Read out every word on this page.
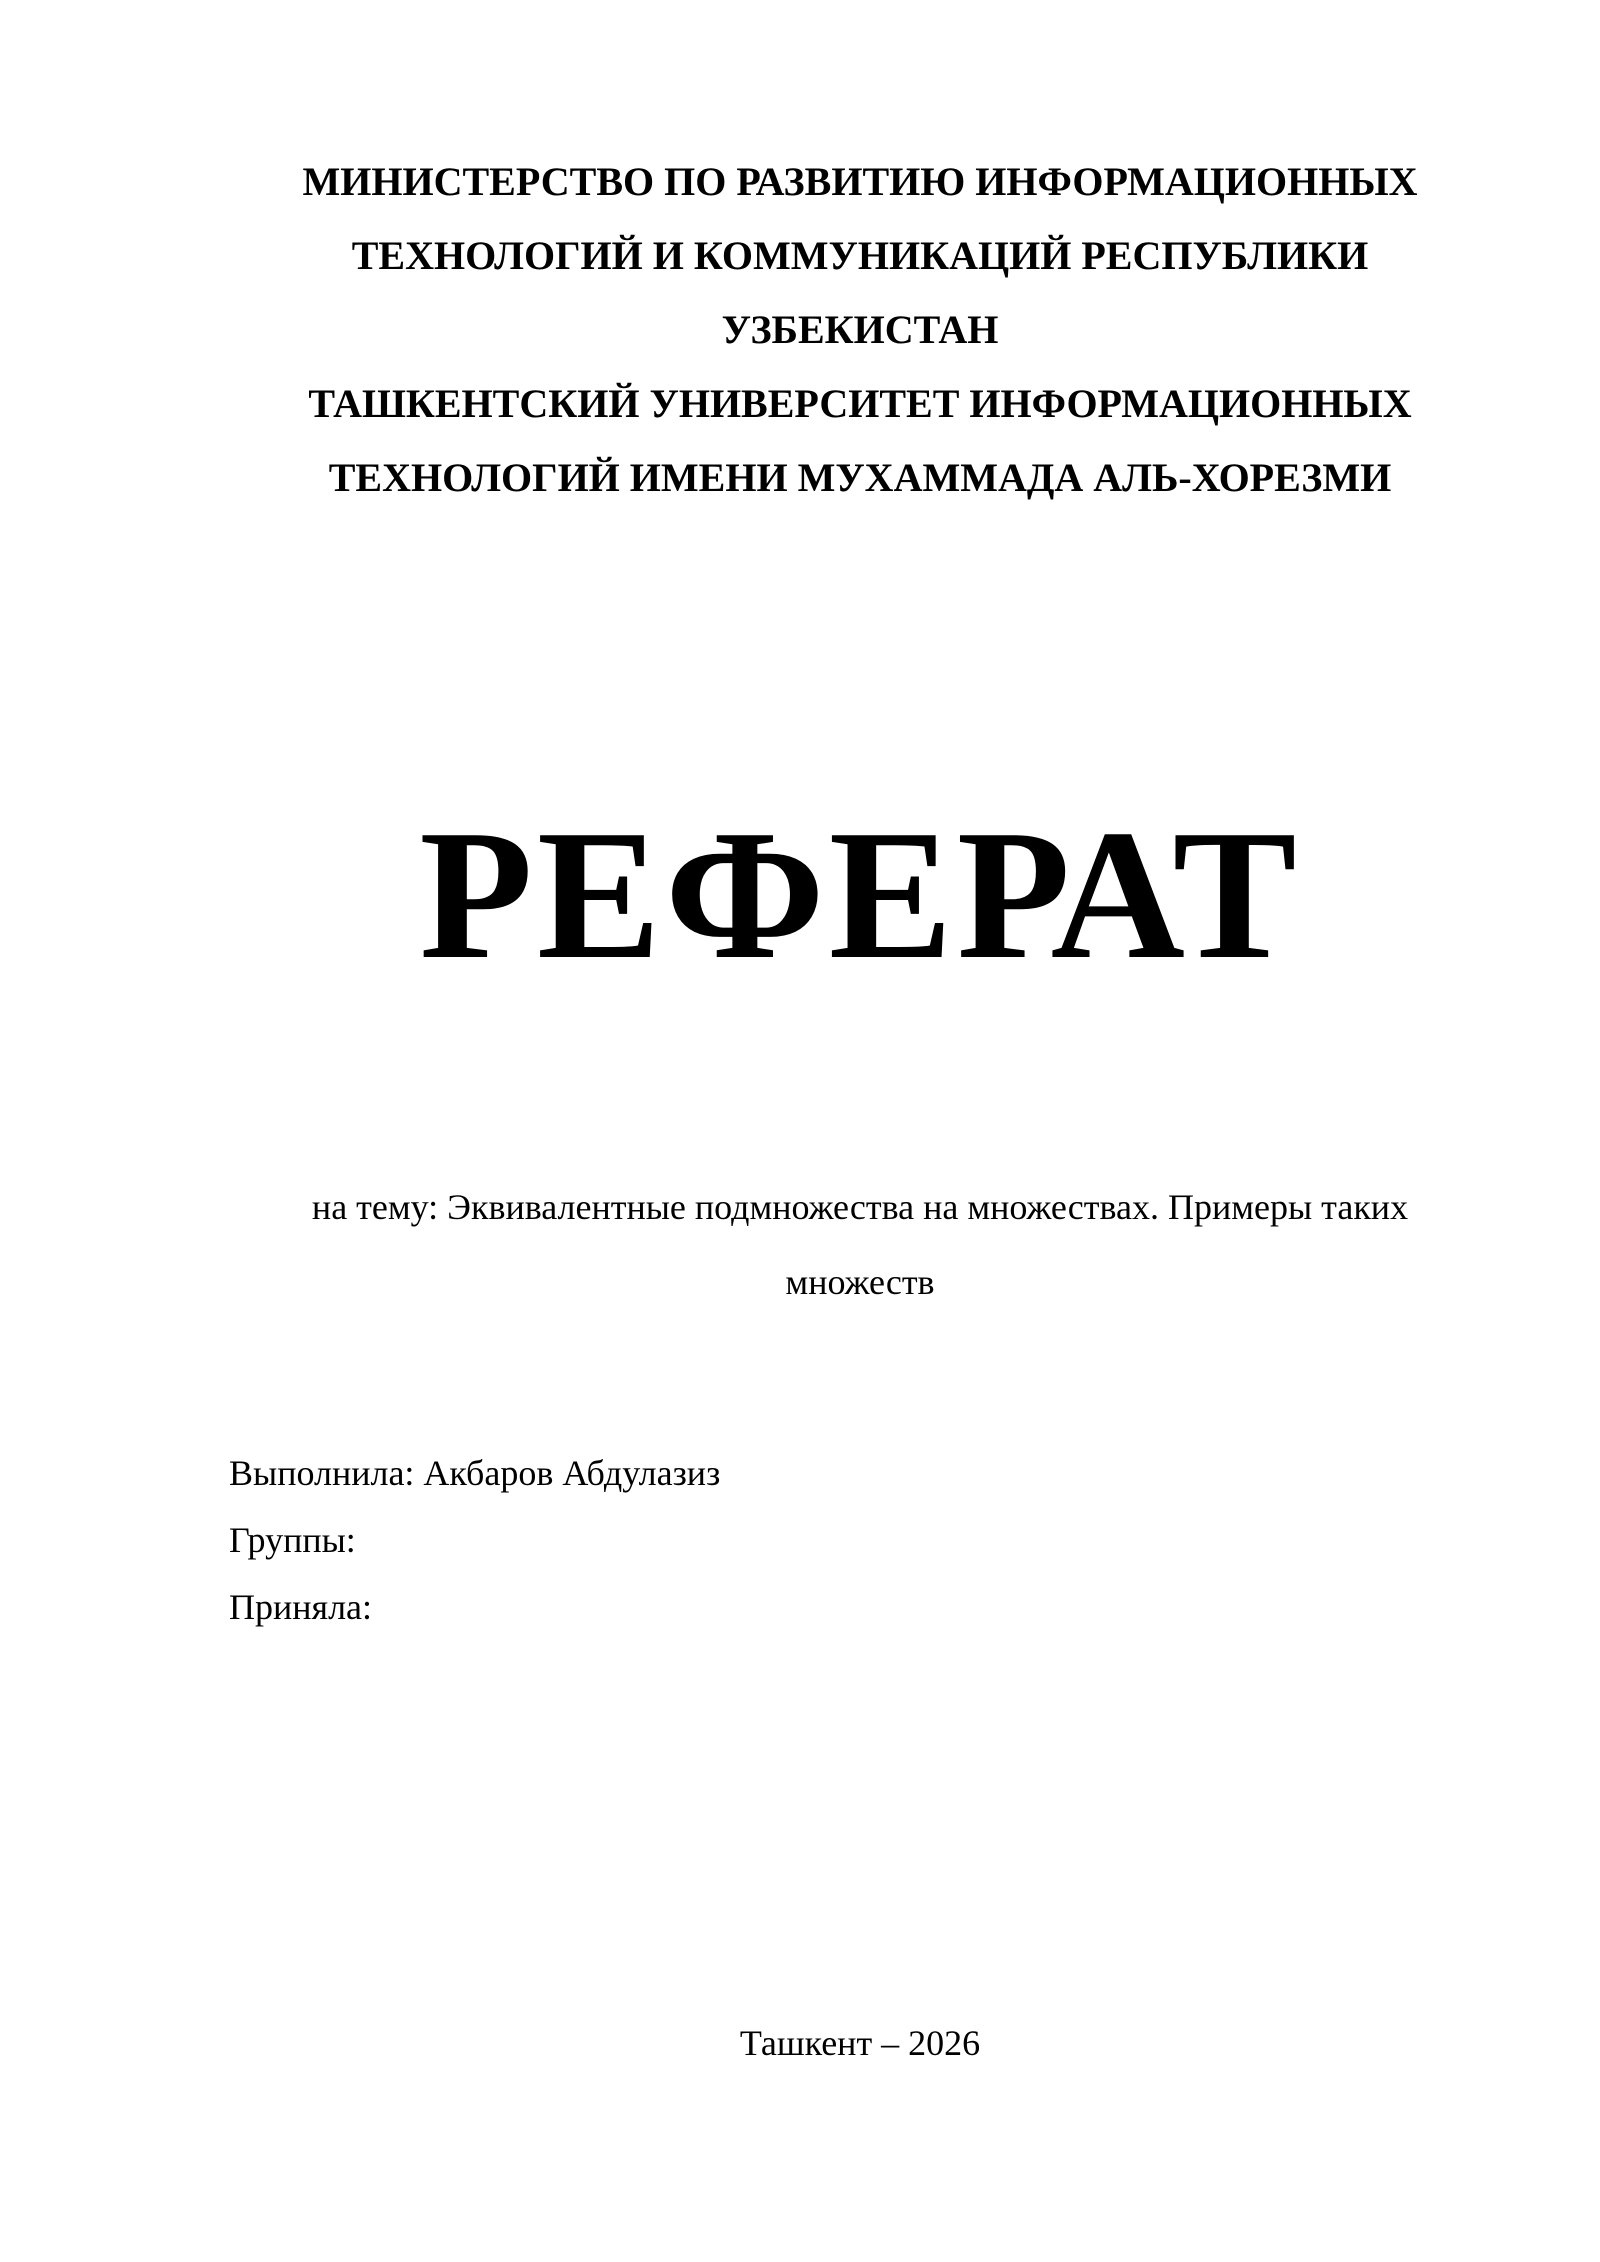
МИНИСТЕРСТВО ПО РАЗВИТИЮ ИНФОРМАЦИОННЫХ
ТЕХНОЛОГИЙ И КОММУНИКАЦИЙ РЕСПУБЛИКИ
УЗБЕКИСТАН
ТАШКЕНТСКИЙ УНИВЕРСИТЕТ ИНФОРМАЦИОННЫХ
ТЕХНОЛОГИЙ ИМЕНИ МУХАММАДА АЛЬ-ХОРЕЗМИ
РЕФЕРАТ
на тему: Эквивалентные подмножества на множествах. Примеры таких множеств
Выполнила: Акбаров Абдулазиз
Группы:
Приняла:
Ташкент – 2026
